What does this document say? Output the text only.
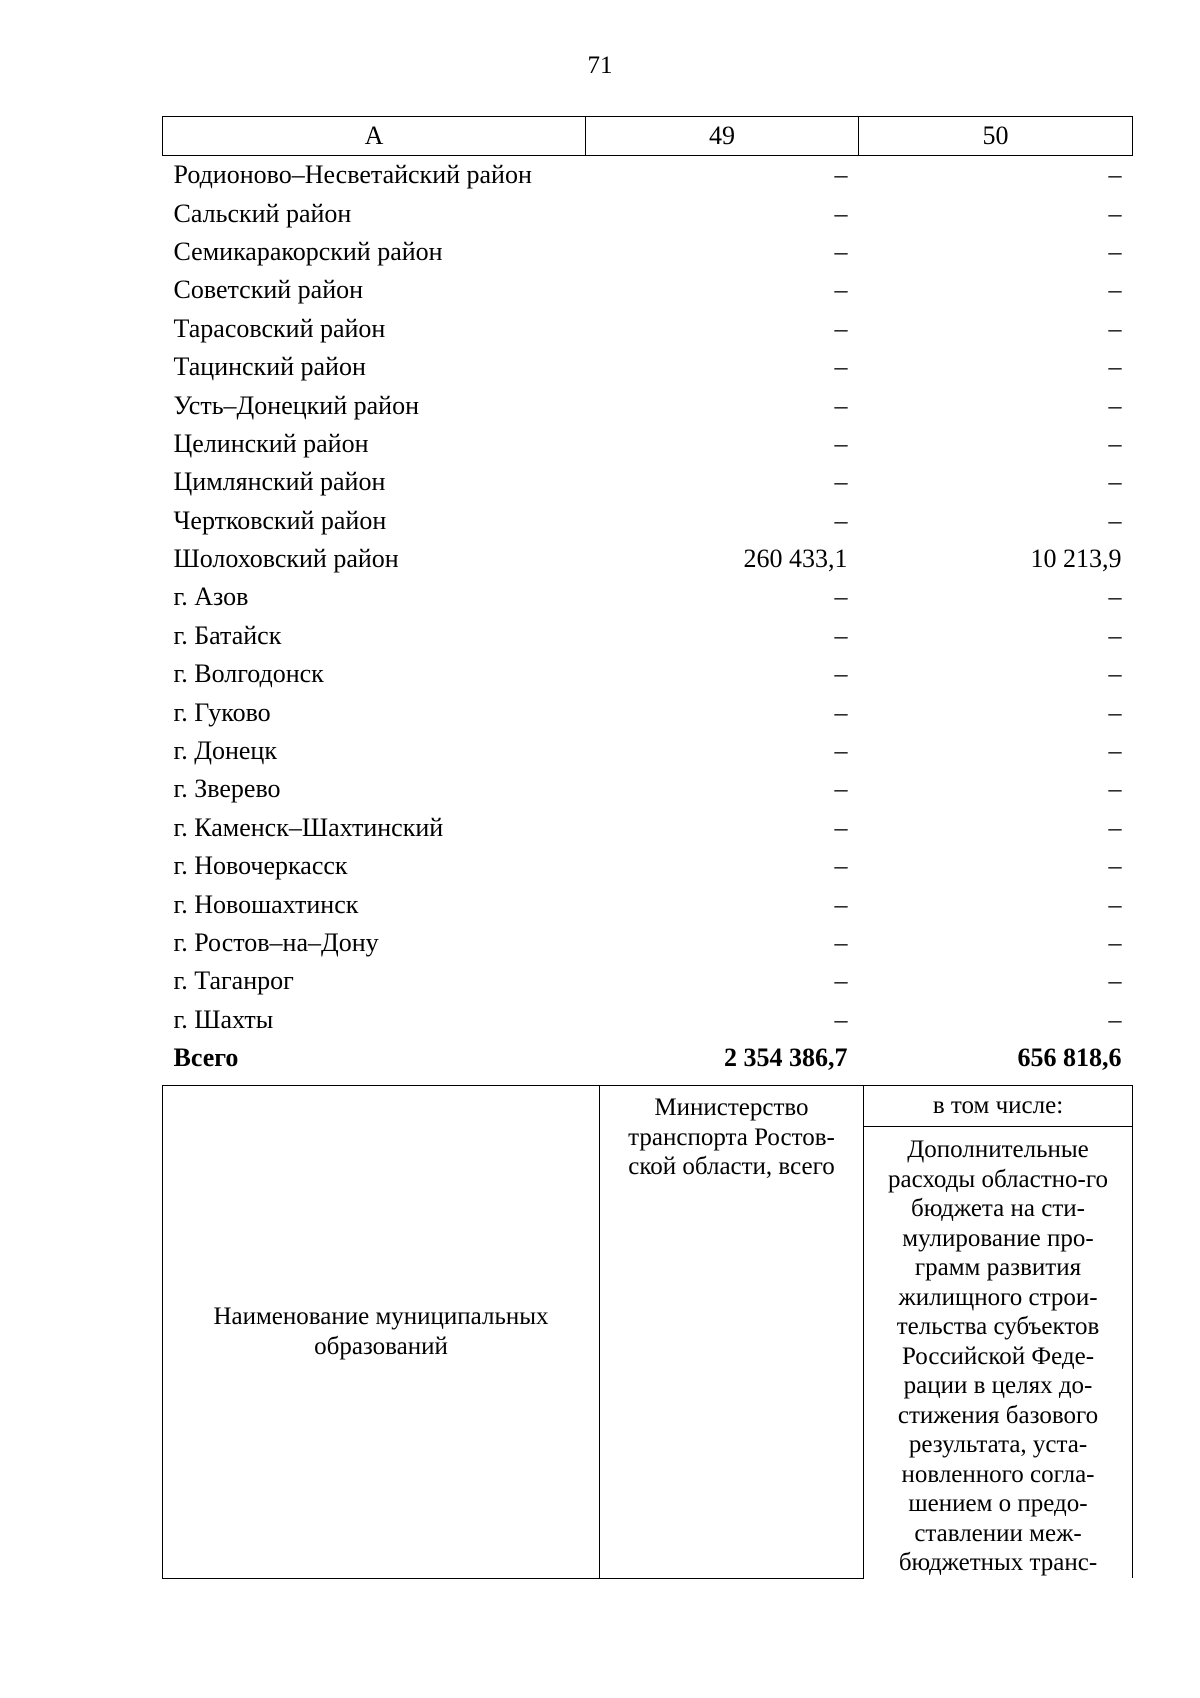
71
А	49	50
Родионово–Несветайский район	–	–
Сальский район	–	–
Семикаракорский район	–	–
Советский район	–	–
Тарасовский район	–	–
Тацинский район	–	–
Усть–Донецкий район	–	–
Целинский район	–	–
Цимлянский район	–	–
Чертковский район	–	–
Шолоховский район	260 433,1	10 213,9
г. Азов	–	–
г. Батайск	–	–
г. Волгодонск	–	–
г. Гуково	–	–
г. Донецк	–	–
г. Зверево	–	–
г. Каменск–Шахтинский	–	–
г. Новочеркасск	–	–
г. Новошахтинск	–	–
г. Ростов–на–Дону	–	–
г. Таганрог	–	–
г. Шахты	–	–
Всего	2 354 386,7	656 818,6
Наименование муниципальных образований	Министерство транспорта Ростов-ской области, всего	в том числе:
Дополнительные расходы областно-го бюджета на сти-мулирование про-грамм развития жилищного строи-тельства субъектов Российской Феде-рации в целях до-стижения базового результата, уста-новленного согла-шением о предо-ставлении меж-бюджетных транс-
